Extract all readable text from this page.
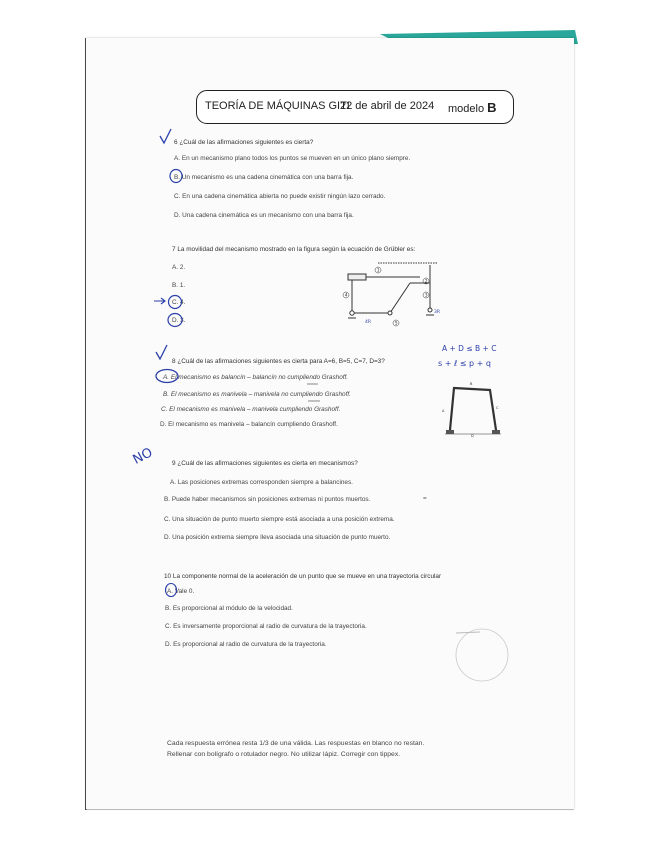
TEORÍA DE MÁQUINAS GITI
22 de abril de 2024 modelo B
6 ¿Cuál de las afirmaciones siguientes es cierta?
A. En un mecanismo plano todos los puntos se mueven en un único plano siempre.
B. Un mecanismo es una cadena cinemática con una barra fija.
C. En una cadena cinemática abierta no puede existir ningún lazo cerrado.
D. Una cadena cinemática es un mecanismo con una barra fija.
7 La movilidad del mecanismo mostrado en la figura según la ecuación de Grübler es:
A. 2.
B. 1.
C. 4.
D. 3.
8 ¿Cuál de las afirmaciones siguientes es cierta para A=6, B=5, C=7, D=3?
A. El mecanismo es balancín – balancín no cumpliendo Grashoff.
B. El mecanismo es manivela – manivela no cumpliendo Grashoff.
C. El mecanismo es manivela – manivela cumpliendo Grashoff.
D. El mecanismo es manivela – balancín cumpliendo Grashoff.
9 ¿Cuál de las afirmaciones siguientes es cierta en mecanismos?
A. Las posiciones extremas corresponden siempre a balancines.
B. Puede haber mecanismos sin posiciones extremas ni puntos muertos.
C. Una situación de punto muerto siempre está asociada a una posición extrema.
D. Una posición extrema siempre lleva asociada una situación de punto muerto.
10 La componente normal de la aceleración de un punto que se mueve en una trayectoria circular
A. Vale 0.
B. Es proporcional al módulo de la velocidad.
C. Es inversamente proporcional al radio de curvatura de la trayectoria.
D. Es proporcional al radio de curvatura de la trayectoria.
Cada respuesta errónea resta 1/3 de una válida. Las respuestas en blanco no restan.
Rellenar con bolígrafo o rotulador negro. No utilizar lápiz. Corregir con tippex.
1
2
3
4
5
3R
4R
A + D ≤ B + C
s + ℓ ≤ p + q
B
A
C
D
NO
=
